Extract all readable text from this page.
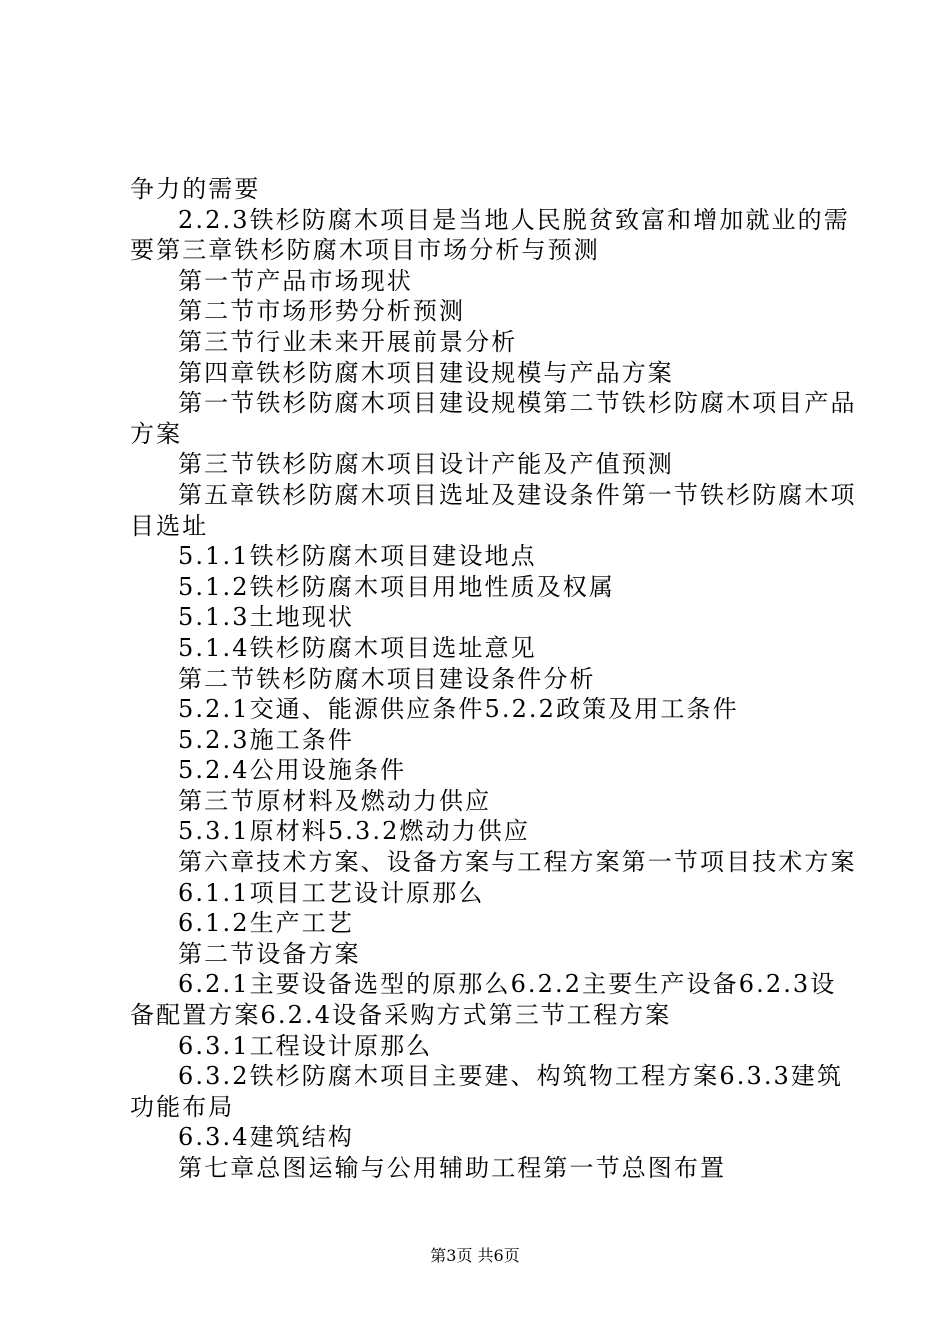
争力的需要
2.2.3铁杉防腐木项目是当地人民脱贫致富和增加就业的需
要第三章铁杉防腐木项目市场分析与预测
第一节产品市场现状
第二节市场形势分析预测
第三节行业未来开展前景分析
第四章铁杉防腐木项目建设规模与产品方案
第一节铁杉防腐木项目建设规模第二节铁杉防腐木项目产品
方案
第三节铁杉防腐木项目设计产能及产值预测
第五章铁杉防腐木项目选址及建设条件第一节铁杉防腐木项
目选址
5.1.1铁杉防腐木项目建设地点
5.1.2铁杉防腐木项目用地性质及权属
5.1.3土地现状
5.1.4铁杉防腐木项目选址意见
第二节铁杉防腐木项目建设条件分析
5.2.1交通、能源供应条件5.2.2政策及用工条件
5.2.3施工条件
5.2.4公用设施条件
第三节原材料及燃动力供应
5.3.1原材料5.3.2燃动力供应
第六章技术方案、设备方案与工程方案第一节项目技术方案
6.1.1项目工艺设计原那么
6.1.2生产工艺
第二节设备方案
6.2.1主要设备选型的原那么6.2.2主要生产设备6.2.3设
备配置方案6.2.4设备采购方式第三节工程方案
6.3.1工程设计原那么
6.3.2铁杉防腐木项目主要建、构筑物工程方案6.3.3建筑
功能布局
6.3.4建筑结构
第七章总图运输与公用辅助工程第一节总图布置
第3页 共6页
